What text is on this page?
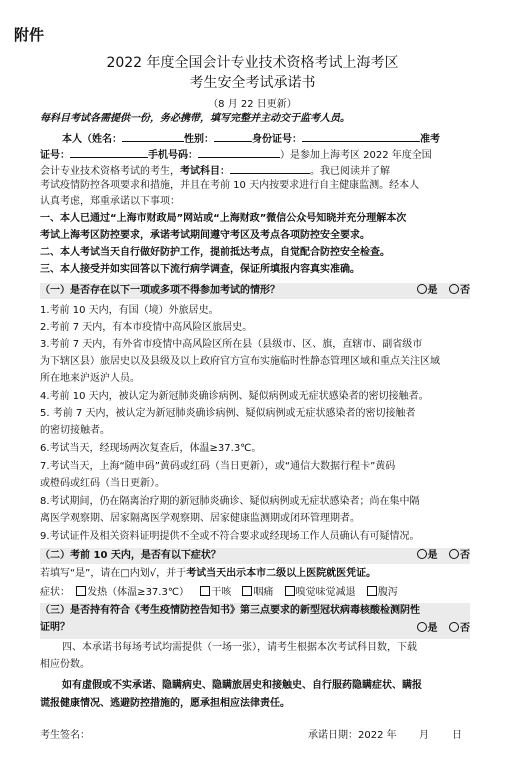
附件
2022 年度全国会计专业技术资格考试上海考区
考生安全考试承诺书
（8 月 22 日更新）
每科目考试各需提供一份，务必携带，填写完整并主动交于监考人员。
本人（姓名：	性别：	身份证号：	准考
证号：	手机号码：	）是参加上海考区 2022 年度全国
会计专业技术资格考试的考生，考试科目：	。我已阅读并了解
考试疫情防控各项要求和措施，并且在考前 10 天内按要求进行自主健康监测。经本人
认真考虑，郑重承诺以下事项：
一、本人已通过“上海市财政局”网站或“上海财政”微信公众号知晓并充分理解本次
考试上海考区防控要求，承诺考试期间遵守考区及考点各项防控安全要求。
二、本人考试当天自行做好防护工作，提前抵达考点，自觉配合防控安全检查。
三、本人接受并如实回答以下流行病学调查，保证所填报内容真实准确。
（一）是否存在以下一项或多项不得参加考试的情形？	是 否
1.考前 10 天内，有国（境）外旅居史。
2.考前 7 天内，有本市疫情中高风险区旅居史。
3.考前 7 天内，有外省市疫情中高风险区所在县（县级市、区、旗，直辖市、副省级市
为下辖区县）旅居史以及县级及以上政府官方宣布实施临时性静态管理区域和重点关注区域
所在地来沪返沪人员。
4.考前 10 天内，被认定为新冠肺炎确诊病例、疑似病例或无症状感染者的密切接触者。
5. 考前 7 天内，被认定为新冠肺炎确诊病例、疑似病例或无症状感染者的密切接触者
的密切接触者。
6.考试当天，经现场两次复查后，体温≥37.3℃。
7.考试当天，上海“随申码”黄码或红码（当日更新），或“通信大数据行程卡”黄码
或橙码或红码（当日更新）。
8.考试期间，仍在隔离治疗期的新冠肺炎确诊、疑似病例或无症状感染者；尚在集中隔
离医学观察期、居家隔离医学观察期、居家健康监测期或闭环管理期者。
9.考试证件及相关资料证明提供不全或不符合要求或经现场工作人员确认有可疑情况。
（二）考前 10 天内，是否有以下症状？	是 否
若填写“是”，请在□内划√，并于考试当天出示本市二级以上医院就医凭证。
症状： 发热（体温≥37.3℃） 干咳 咽痛 嗅觉味觉减退 腹泻
（三）是否持有符合《考生疫情防控告知书》第三点要求的新型冠状病毒核酸检测阴性
证明？	是 否
四、本承诺书每场考试均需提供（一场一张），请考生根据本次考试科目数，下载
相应份数。
如有虚假或不实承诺、隐瞒病史、隐瞒旅居史和接触史、自行服药隐瞒症状、瞒报
谎报健康情况、逃避防控措施的，愿承担相应法律责任。
考生签名：	承诺日期：2022 年 月 日
